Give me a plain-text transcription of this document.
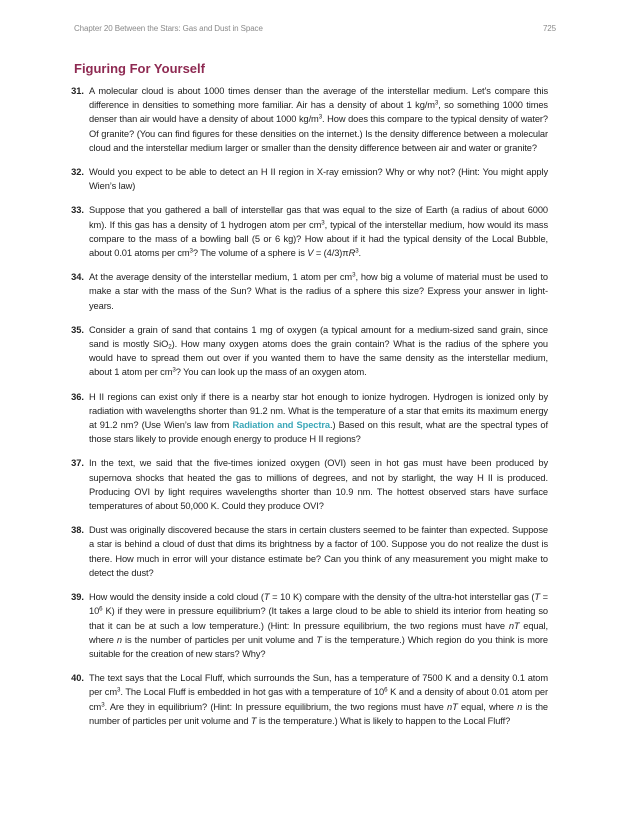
Chapter 20 Between the Stars: Gas and Dust in Space	725
Figuring For Yourself
31. A molecular cloud is about 1000 times denser than the average of the interstellar medium. Let’s compare this difference in densities to something more familiar. Air has a density of about 1 $kg/m^3$, so something 1000 times denser than air would have a density of about 1000 $kg/m^3$. How does this compare to the typical density of water? Of granite? (You can find figures for these densities on the internet.) Is the density difference between a molecular cloud and the interstellar medium larger or smaller than the density difference between air and water or granite?
32. Would you expect to be able to detect an H II region in X-ray emission? Why or why not? (Hint: You might apply Wien’s law)
33. Suppose that you gathered a ball of interstellar gas that was equal to the size of Earth (a radius of about 6000 km). If this gas has a density of 1 hydrogen atom per $cm^3$, typical of the interstellar medium, how would its mass compare to the mass of a bowling ball (5 or 6 kg)? How about if it had the typical density of the Local Bubble, about 0.01 atoms per $cm^3$? The volume of a sphere is $V = (4/3)\pi R^3$.
34. At the average density of the interstellar medium, 1 atom per $cm^3$, how big a volume of material must be used to make a star with the mass of the Sun? What is the radius of a sphere this size? Express your answer in light-years.
35. Consider a grain of sand that contains 1 mg of oxygen (a typical amount for a medium-sized sand grain, since sand is mostly SiO$_2$). How many oxygen atoms does the grain contain? What is the radius of the sphere you would have to spread them out over if you wanted them to have the same density as the interstellar medium, about 1 atom per $cm^3$? You can look up the mass of an oxygen atom.
36. H II regions can exist only if there is a nearby star hot enough to ionize hydrogen. Hydrogen is ionized only by radiation with wavelengths shorter than 91.2 nm. What is the temperature of a star that emits its maximum energy at 91.2 nm? (Use Wien’s law from Radiation and Spectra.) Based on this result, what are the spectral types of those stars likely to provide enough energy to produce H II regions?
37. In the text, we said that the five-times ionized oxygen (OVI) seen in hot gas must have been produced by supernova shocks that heated the gas to millions of degrees, and not by starlight, the way H II is produced. Producing OVI by light requires wavelengths shorter than 10.9 nm. The hottest observed stars have surface temperatures of about 50,000 K. Could they produce OVI?
38. Dust was originally discovered because the stars in certain clusters seemed to be fainter than expected. Suppose a star is behind a cloud of dust that dims its brightness by a factor of 100. Suppose you do not realize the dust is there. How much in error will your distance estimate be? Can you think of any measurement you might make to detect the dust?
39. How would the density inside a cold cloud (T = 10 K) compare with the density of the ultra-hot interstellar gas ($T = 10^6$ K) if they were in pressure equilibrium? (It takes a large cloud to be able to shield its interior from heating so that it can be at such a low temperature.) (Hint: In pressure equilibrium, the two regions must have nT equal, where n is the number of particles per unit volume and T is the temperature.) Which region do you think is more suitable for the creation of new stars? Why?
40. The text says that the Local Fluff, which surrounds the Sun, has a temperature of 7500 K and a density 0.1 atom per $cm^3$. The Local Fluff is embedded in hot gas with a temperature of $10^6$ K and a density of about 0.01 atom per $cm^3$. Are they in equilibrium? (Hint: In pressure equilibrium, the two regions must have nT equal, where n is the number of particles per unit volume and T is the temperature.) What is likely to happen to the Local Fluff?
